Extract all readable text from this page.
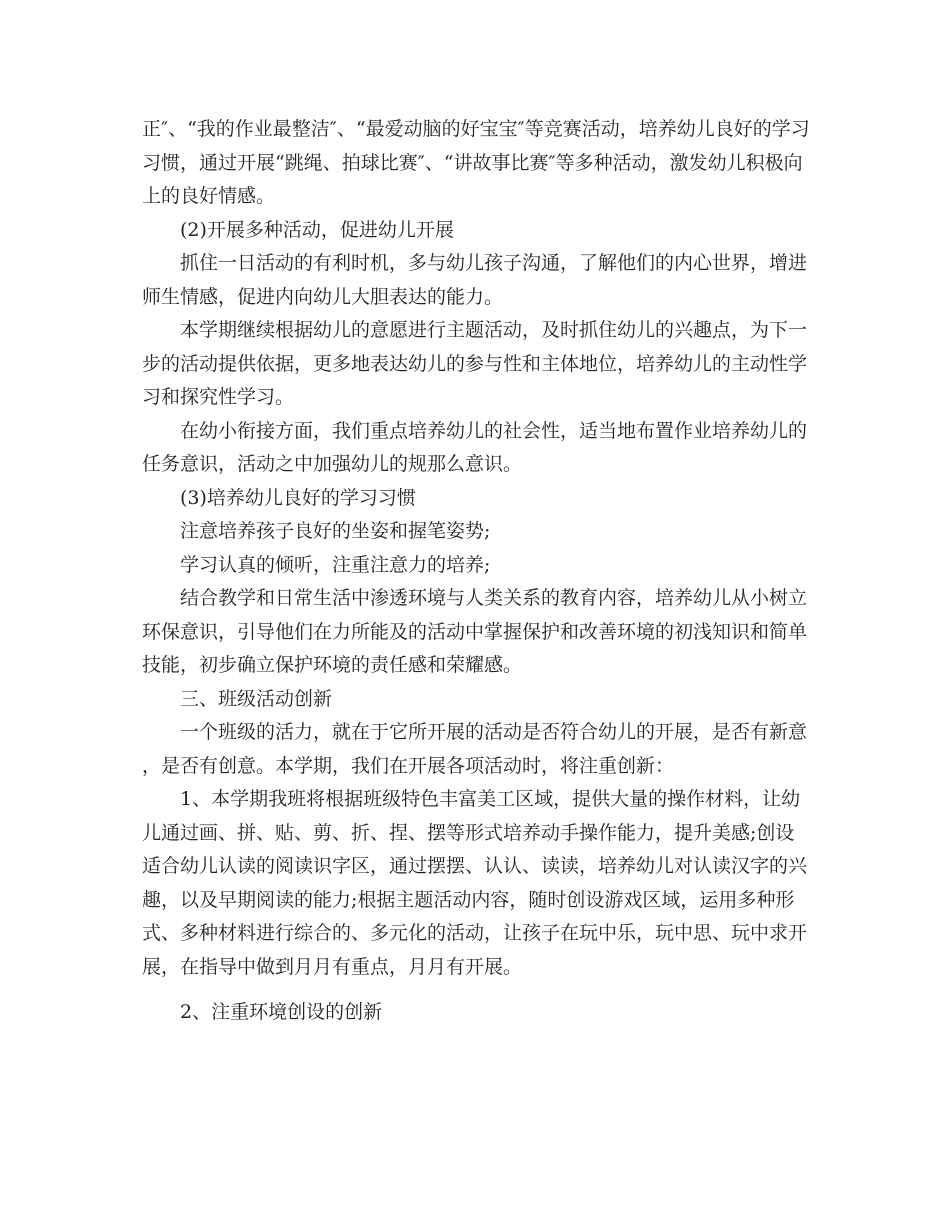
正″、“我的作业最整洁″、“最爱动脑的好宝宝″等竞赛活动，培养幼儿良好的学习习惯，通过开展“跳绳、拍球比赛″、“讲故事比赛″等多种活动，激发幼儿积极向上的良好情感。

(2)开展多种活动，促进幼儿开展

抓住一日活动的有利时机，多与幼儿孩子沟通，了解他们的内心世界，增进师生情感，促进内向幼儿大胆表达的能力。

本学期继续根据幼儿的意愿进行主题活动，及时抓住幼儿的兴趣点，为下一步的活动提供依据，更多地表达幼儿的参与性和主体地位，培养幼儿的主动性学习和探究性学习。

在幼小衔接方面，我们重点培养幼儿的社会性，适当地布置作业培养幼儿的任务意识，活动之中加强幼儿的规那么意识。

(3)培养幼儿良好的学习习惯

注意培养孩子良好的坐姿和握笔姿势;

学习认真的倾听，注重注意力的培养;

结合教学和日常生活中渗透环境与人类关系的教育内容，培养幼儿从小树立环保意识，引导他们在力所能及的活动中掌握保护和改善环境的初浅知识和简单技能，初步确立保护环境的责任感和荣耀感。

三、班级活动创新

一个班级的活力，就在于它所开展的活动是否符合幼儿的开展，是否有新意，是否有创意。本学期，我们在开展各项活动时，将注重创新：

1、本学期我班将根据班级特色丰富美工区域，提供大量的操作材料，让幼儿通过画、拼、贴、剪、折、捏、摆等形式培养动手操作能力，提升美感;创设适合幼儿认读的阅读识字区，通过摆摆、认认、读读，培养幼儿对认读汉字的兴趣，以及早期阅读的能力;根据主题活动内容，随时创设游戏区域，运用多种形式、多种材料进行综合的、多元化的活动，让孩子在玩中乐，玩中思、玩中求开展，在指导中做到月月有重点，月月有开展。

2、注重环境创设的创新
